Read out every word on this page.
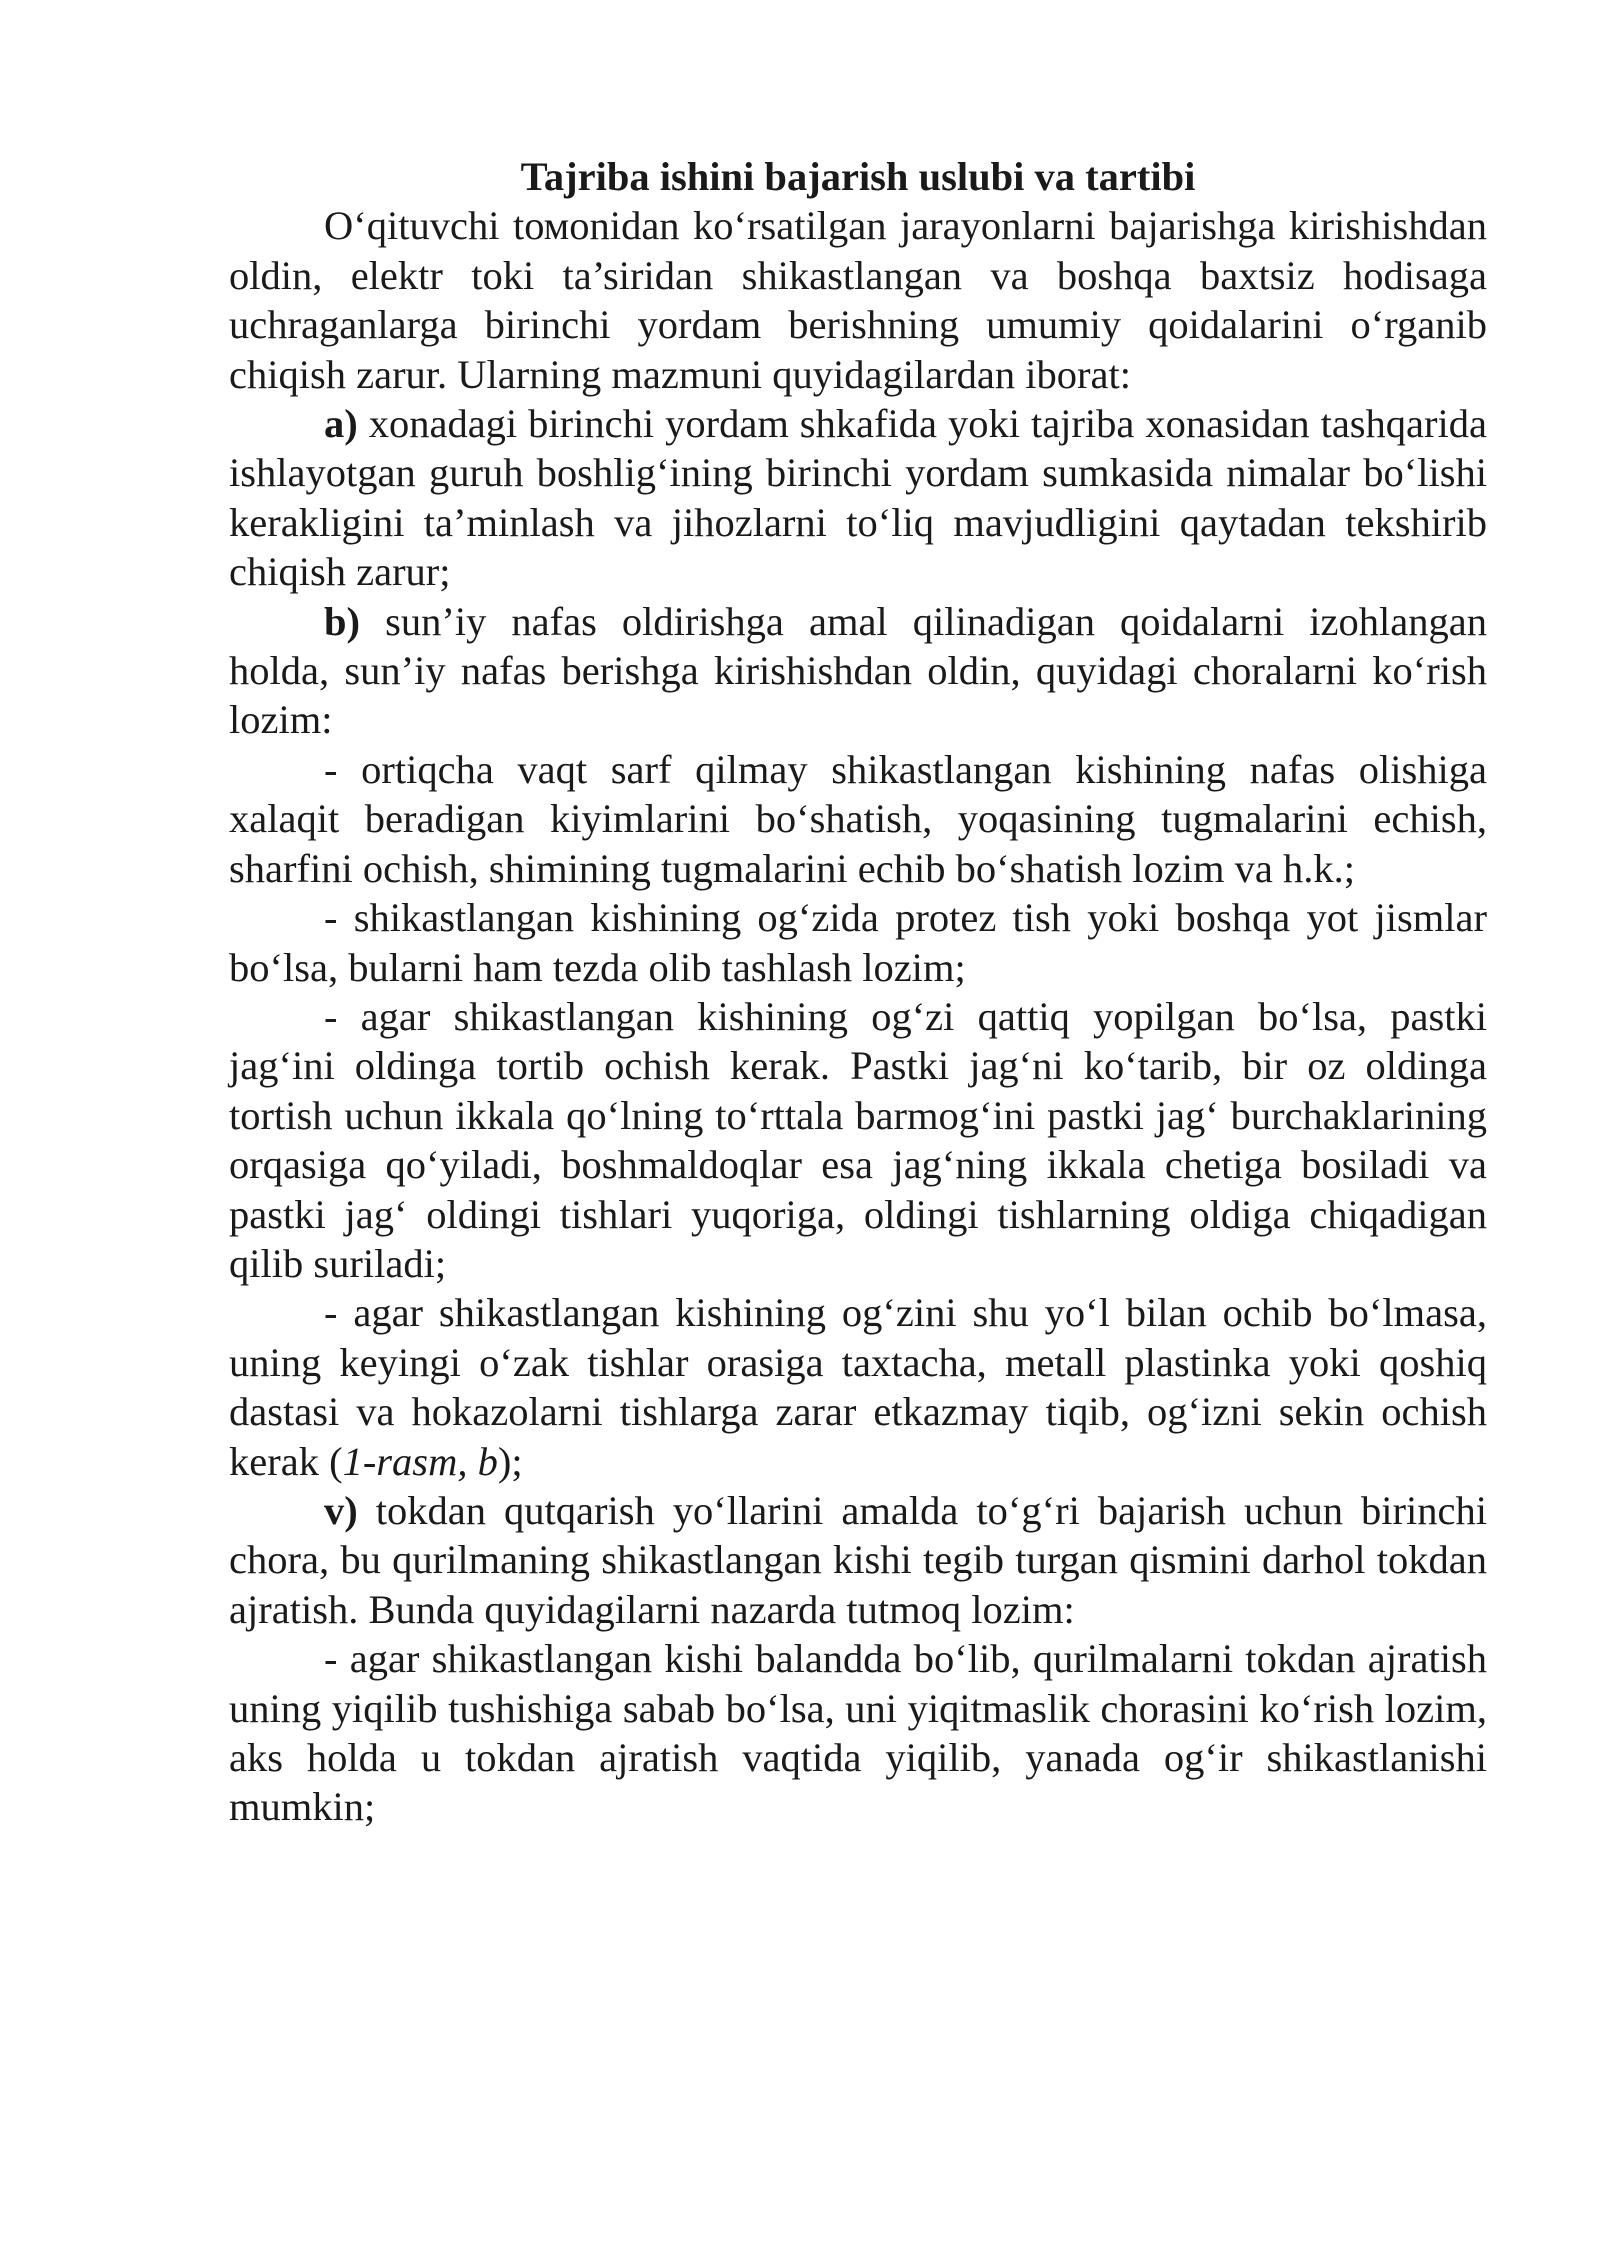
Tajriba ishini bajarish uslubi va tartibi

O‘qituvchi tомonidan ko‘rsatilgan jarayonlarni bajarishga kirishishdan oldin, elektr toki ta’siridan shikastlangan va boshqa baxtsiz hodisaga uchraganlarga birinchi yordam berishning umumiy qoidalarini o‘rganib chiqish zarur. Ularning mazmuni quyidagilardan iborat:

a) xonadagi birinchi yordam shkafida yoki tajriba xonasidan tashqarida ishlayotgan guruh boshlig‘ining birinchi yordam sumkasida nimalar bo‘lishi kerakligini ta’minlash va jihozlarni to‘liq mavjudligini qaytadan tekshirib chiqish zarur;

b) sun’iy nafas oldirishga amal qilinadigan qoidalarni izohlangan holda, sun’iy nafas berishga kirishishdan oldin, quyidagi choralarni ko‘rish lozim:

- ortiqcha vaqt sarf qilmay shikastlangan kishining nafas olishiga xalaqit beradigan kiyimlarini bo‘shatish, yoqasining tugmalarini echish, sharfini ochish, shimining tugmalarini echib bo‘shatish lozim va h.k.;

- shikastlangan kishining og‘zida protez tish yoki boshqa yot jismlar bo‘lsa, bularni ham tezda olib tashlash lozim;

- agar shikastlangan kishining og‘zi qattiq yopilgan bo‘lsa, pastki jag‘ini oldinga tortib ochish kerak. Pastki jag‘ni ko‘tarib, bir oz oldinga tortish uchun ikkala qo‘lning to‘rttala barmog‘ini pastki jag‘ burchaklarining orqasiga qo‘yiladi, boshmaldoqlar esa jag‘ning ikkala chetiga bosiladi va pastki jag‘ oldingi tishlari yuqoriga, oldingi tishlarning oldiga chiqadigan qilib suriladi;

- agar shikastlangan kishining og‘zini shu yo‘l bilan ochib bo‘lmasa, uning keyingi o‘zak tishlar orasiga taxtacha, metall plastinka yoki qoshiq dastasi va hokazolarni tishlarga zarar etkazmay tiqib, og‘izni sekin ochish kerak (1-rasm, b);

v) tokdan qutqarish yo‘llarini amalda to‘g‘ri bajarish uchun birinchi chora, bu qurilmaning shikastlangan kishi tegib turgan qismini darhol tokdan ajratish. Bunda quyidagilarni nazarda tutmoq lozim:

- agar shikastlangan kishi balandda bo‘lib, qurilmalarni tokdan ajratish uning yiqilib tushishiga sabab bo‘lsa, uni yiqitmaslik chorasini ko‘rish lozim, aks holda u tokdan ajratish vaqtida yiqilib, yanada og‘ir shikastlanishi mumkin;
